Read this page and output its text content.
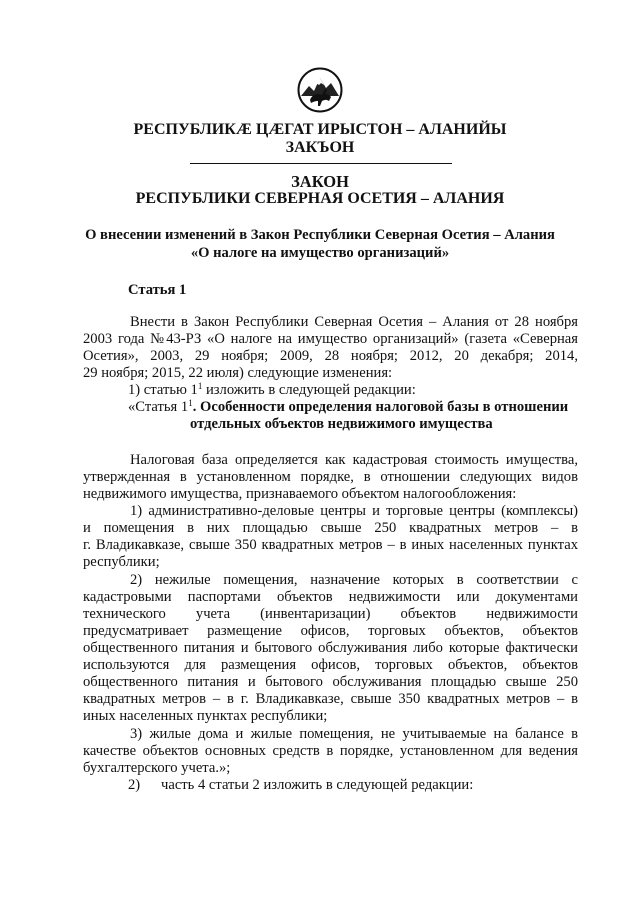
РЕСПУБЛИКӔ ЦӔГАТ ИРЫСТОН – АЛАНИЙЫ
ЗАКЪОН
ЗАКОН
РЕСПУБЛИКИ СЕВЕРНАЯ ОСЕТИЯ – АЛАНИЯ
О внесении изменений в Закон Республики Северная Осетия – Алания
«О налоге на имущество организаций»
Статья 1
Внести в Закон Республики Северная Осетия – Алания от 28 ноября
2003 года №43-РЗ «О налоге на имущество организаций» (газета «Северная
Осетия», 2003, 29 ноября; 2009, 28 ноября; 2012, 20 декабря; 2014,
29 ноября; 2015, 22 июля) следующие изменения:
1) статью $1^1$ изложить в следующей редакции:
«Статья $1^1$. Особенности определения налоговой базы в отношении
отдельных объектов недвижимого имущества
Налоговая база определяется как кадастровая стоимость имущества,
утвержденная в установленном порядке, в отношении следующих видов
недвижимого имущества, признаваемого объектом налогообложения:
1) административно-деловые центры и торговые центры (комплексы)
и помещения в них площадью свыше 250 квадратных метров – в
г. Владикавказе, свыше 350 квадратных метров – в иных населенных пунктах
республики;
2) нежилые помещения, назначение которых в соответствии с
кадастровыми паспортами объектов недвижимости или документами
технического учета (инвентаризации) объектов недвижимости
предусматривает размещение офисов, торговых объектов, объектов
общественного питания и бытового обслуживания либо которые фактически
используются для размещения офисов, торговых объектов, объектов
общественного питания и бытового обслуживания площадью свыше 250
квадратных метров – в г. Владикавказе, свыше 350 квадратных метров – в
иных населенных пунктах республики;
3) жилые дома и жилые помещения, не учитываемые на балансе в
качестве объектов основных средств в порядке, установленном для ведения
бухгалтерского учета.»;
2) часть 4 статьи 2 изложить в следующей редакции:
